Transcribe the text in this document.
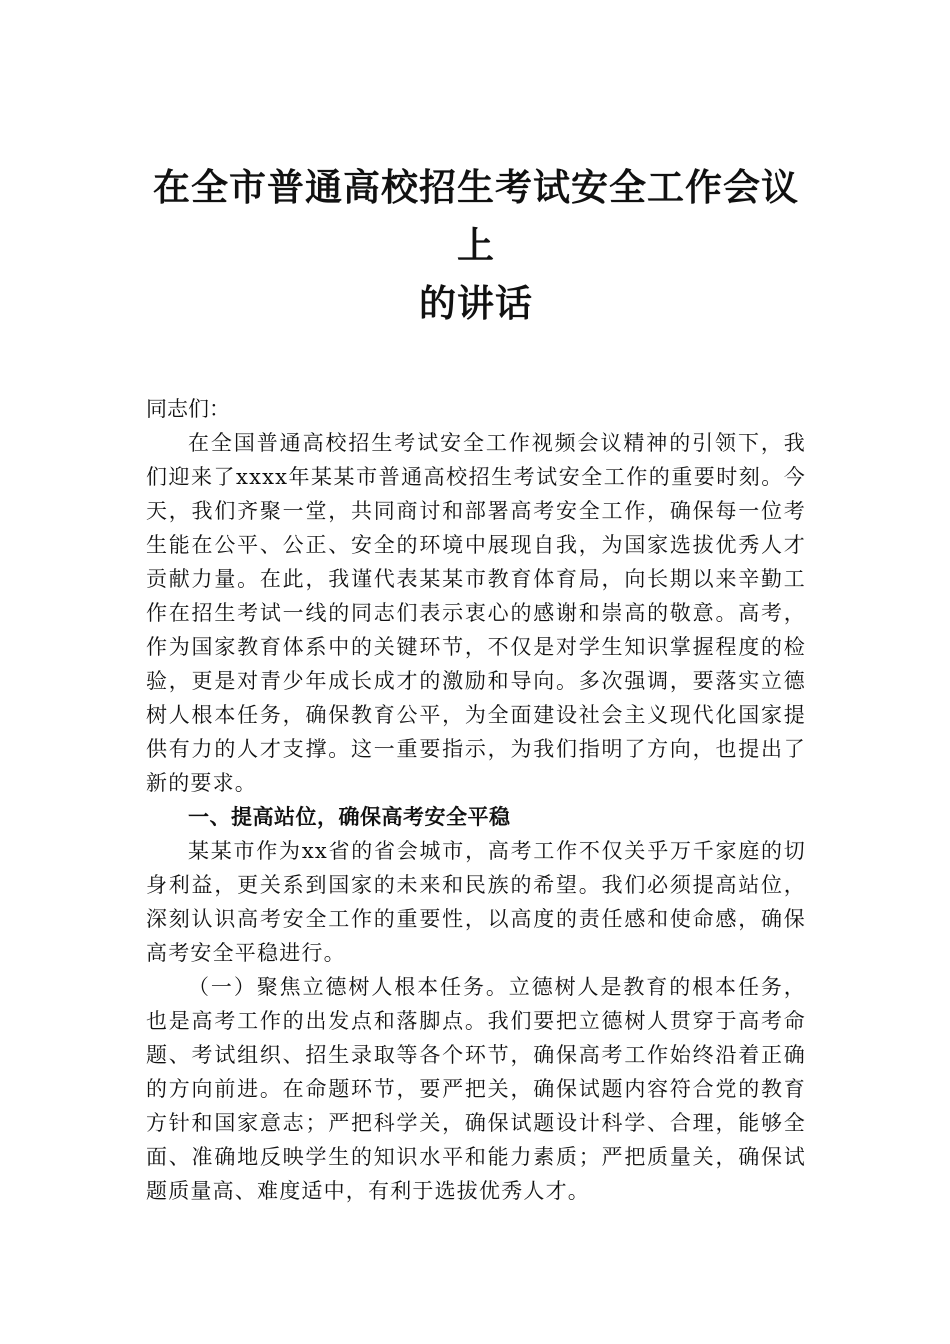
在全市普通高校招生考试安全工作会议上
的讲话
同志们：

在全国普通高校招生考试安全工作视频会议精神的引领下，我们迎来了xxxx年某某市普通高校招生考试安全工作的重要时刻。今天，我们齐聚一堂，共同商讨和部署高考安全工作，确保每一位考生能在公平、公正、安全的环境中展现自我，为国家选拔优秀人才贡献力量。在此，我谨代表某某市教育体育局，向长期以来辛勤工作在招生考试一线的同志们表示衷心的感谢和崇高的敬意。高考，作为国家教育体系中的关键环节，不仅是对学生知识掌握程度的检验，更是对青少年成长成才的激励和导向。多次强调，要落实立德树人根本任务，确保教育公平，为全面建设社会主义现代化国家提供有力的人才支撑。这一重要指示，为我们指明了方向，也提出了新的要求。

一、提高站位，确保高考安全平稳

某某市作为xx省的省会城市，高考工作不仅关乎万千家庭的切身利益，更关系到国家的未来和民族的希望。我们必须提高站位，深刻认识高考安全工作的重要性，以高度的责任感和使命感，确保高考安全平稳进行。

（一）聚焦立德树人根本任务。立德树人是教育的根本任务，也是高考工作的出发点和落脚点。我们要把立德树人贯穿于高考命题、考试组织、招生录取等各个环节，确保高考工作始终沿着正确的方向前进。在命题环节，要严把关，确保试题内容符合党的教育方针和国家意志；严把科学关，确保试题设计科学、合理，能够全面、准确地反映学生的知识水平和能力素质；严把质量关，确保试题质量高、难度适中，有利于选拔优秀人才。
